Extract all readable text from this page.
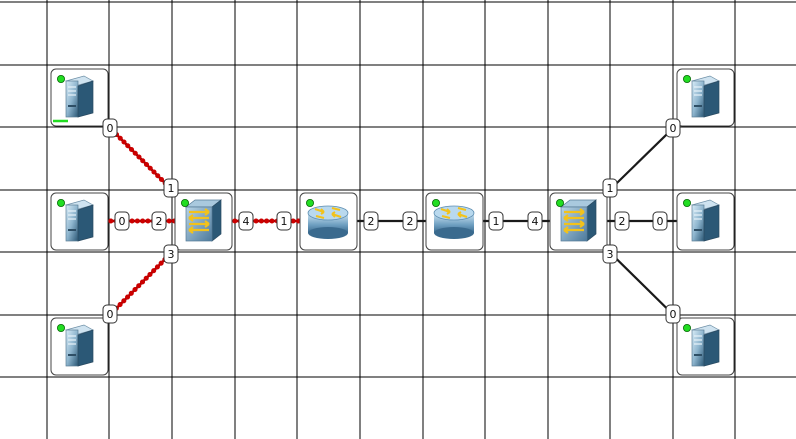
0
1
0	2
0
3
4	1	2	2	1	4
1
0
2	0
3
0
